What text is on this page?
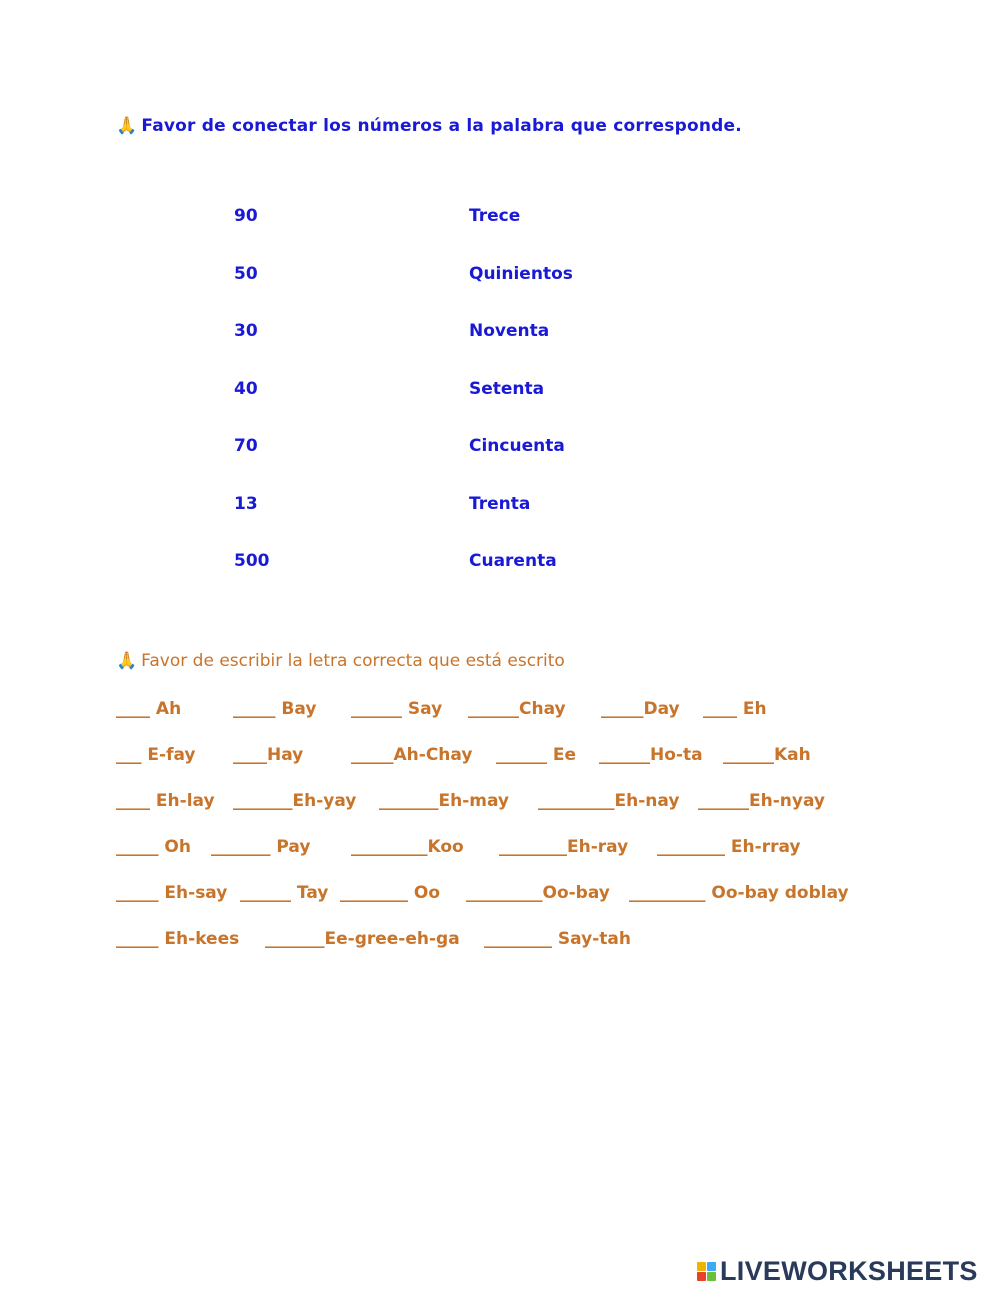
🙏 Favor de conectar los números a la palabra que corresponde.
90	Trece
50	Quinientos
30	Noventa
40	Setenta
70	Cincuenta
13	Trenta
500	Cuarenta
🙏 Favor de escribir la letra correcta que está escrito
____ Ah	_____ Bay ______ Say ______Chay _____Day ____ Eh
___ E-fay ____Hay	_____Ah-Chay ______ Ee ______Ho-ta ______Kah
____ Eh-lay _______Eh-yay _______Eh-may _________Eh-nay ______Eh-nyay
_____ Oh _______ Pay _________Koo ________Eh-ray ________ Eh-rray
_____ Eh-say ______ Tay ________ Oo _________Oo-bay _________ Oo-bay doblay
_____ Eh-kees _______Ee-gree-eh-ga ________ Say-tah
LIVEWORKSHEETS
